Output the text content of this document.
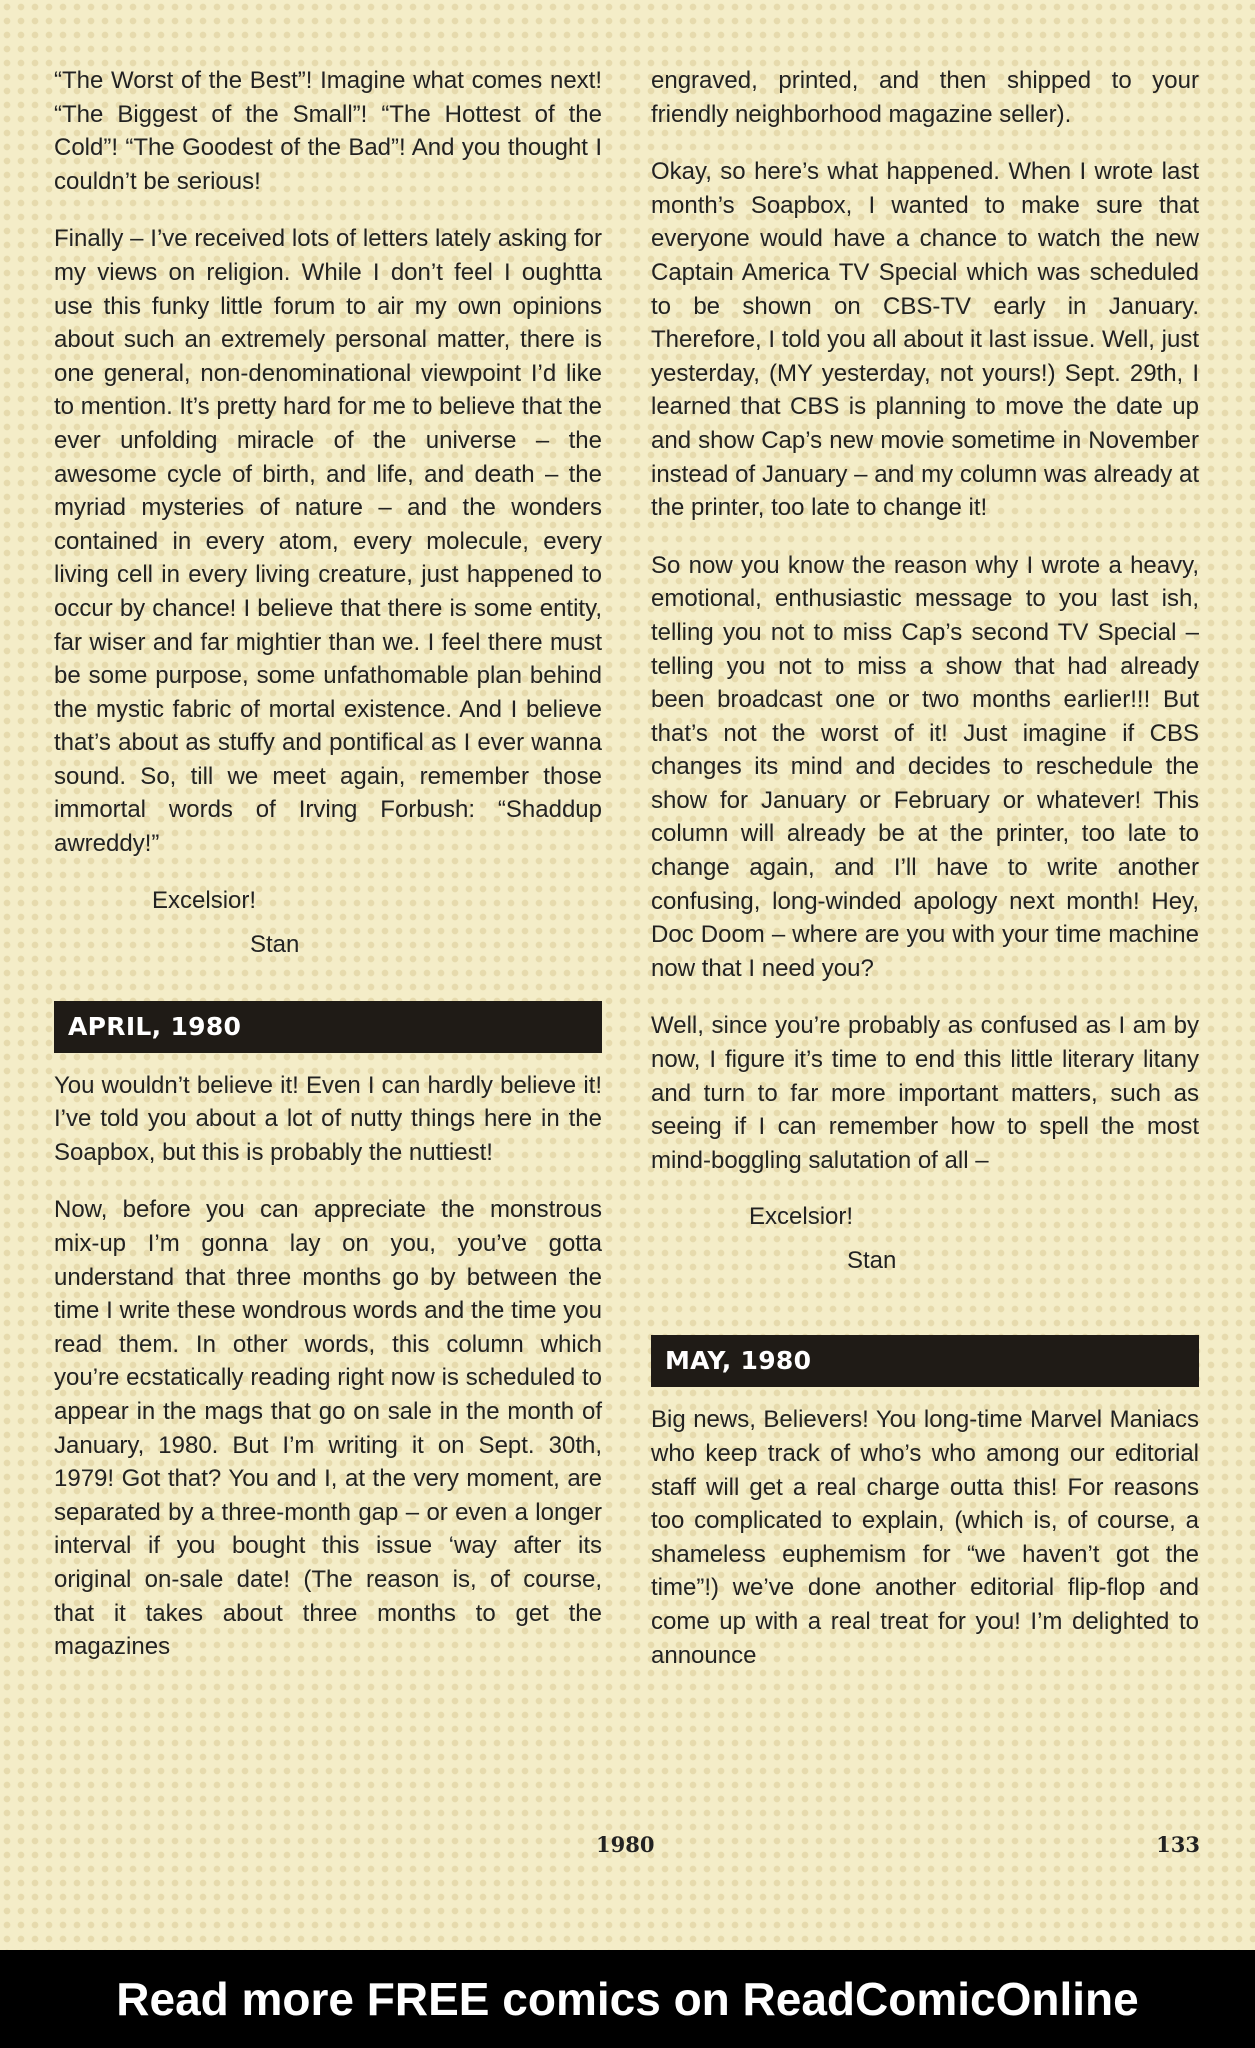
“The Worst of the Best”! Imagine what comes next! “The Biggest of the Small”! “The Hottest of the Cold”! “The Goodest of the Bad”! And you thought I couldn’t be serious!

Finally – I’ve received lots of letters lately asking for my views on religion. While I don’t feel I oughtta use this funky little forum to air my own opinions about such an extremely personal matter, there is one general, non-denominational viewpoint I’d like to mention. It’s pretty hard for me to believe that the ever unfolding miracle of the universe – the awesome cycle of birth, and life, and death – the myriad mysteries of nature – and the wonders contained in every atom, every molecule, every living cell in every living creature, just happened to occur by chance! I believe that there is some entity, far wiser and far mightier than we. I feel there must be some purpose, some unfathomable plan behind the mystic fabric of mortal existence. And I believe that’s about as stuffy and pontifical as I ever wanna sound. So, till we meet again, remember those immortal words of Irving Forbush: “Shaddup awreddy!”

Excelsior!
Stan
APRIL, 1980

You wouldn’t believe it! Even I can hardly believe it! I’ve told you about a lot of nutty things here in the Soapbox, but this is probably the nuttiest!

Now, before you can appreciate the monstrous mix-up I’m gonna lay on you, you’ve gotta understand that three months go by between the time I write these wondrous words and the time you read them. In other words, this column which you’re ecstatically reading right now is scheduled to appear in the mags that go on sale in the month of January, 1980. But I’m writing it on Sept. 30th, 1979! Got that? You and I, at the very moment, are separated by a three-month gap – or even a longer interval if you bought this issue ‘way after its original on-sale date! (The reason is, of course, that it takes about three months to get the magazines

engraved, printed, and then shipped to your friendly neighborhood magazine seller).

Okay, so here’s what happened. When I wrote last month’s Soapbox, I wanted to make sure that everyone would have a chance to watch the new Captain America TV Special which was scheduled to be shown on CBS-TV early in January. Therefore, I told you all about it last issue. Well, just yesterday, (MY yesterday, not yours!) Sept. 29th, I learned that CBS is planning to move the date up and show Cap’s new movie sometime in November instead of January – and my column was already at the printer, too late to change it!

So now you know the reason why I wrote a heavy, emotional, enthusiastic message to you last ish, telling you not to miss Cap’s second TV Special – telling you not to miss a show that had already been broadcast one or two months earlier!!! But that’s not the worst of it! Just imagine if CBS changes its mind and decides to reschedule the show for January or February or whatever! This column will already be at the printer, too late to change again, and I’ll have to write another confusing, long-winded apology next month! Hey, Doc Doom – where are you with your time machine now that I need you?

Well, since you’re probably as confused as I am by now, I figure it’s time to end this little literary litany and turn to far more important matters, such as seeing if I can remember how to spell the most mind-boggling salutation of all –

Excelsior!
Stan
MAY, 1980

Big news, Believers! You long-time Marvel Maniacs who keep track of who’s who among our editorial staff will get a real charge outta this! For reasons too complicated to explain, (which is, of course, a shameless euphemism for “we haven’t got the time”!) we’ve done another editorial flip-flop and come up with a real treat for you! I’m delighted to announce

1980	133
Read more FREE comics on ReadComicOnline
